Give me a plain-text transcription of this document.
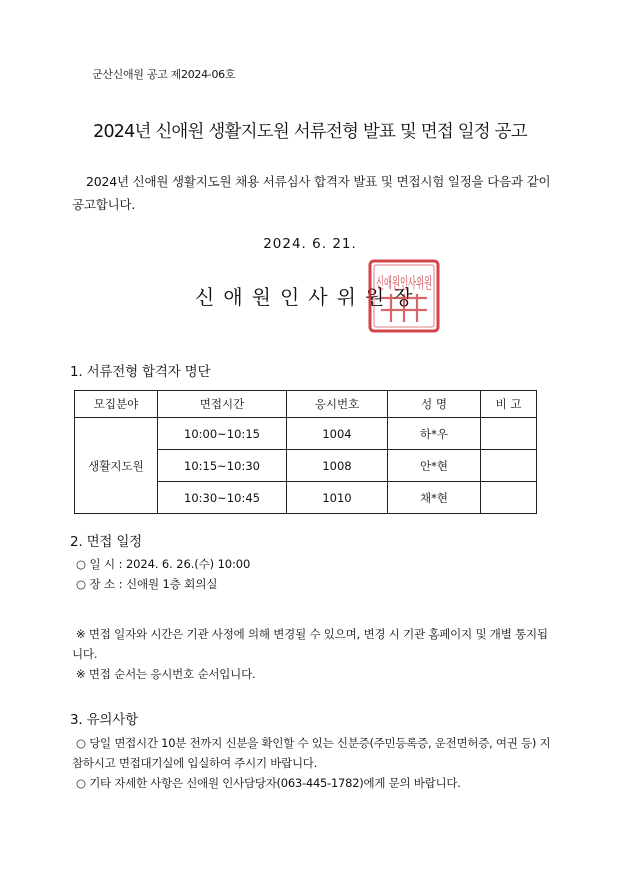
군산신애원 공고 제2024-06호
2024년 신애원 생활지도원 서류전형 발표 및 면접 일정 공고
2024년 신애원 생활지도원 채용 서류심사 합격자 발표 및 면접시험 일정을 다음과 같이 공고합니다.
2024. 6. 21.
신애원인사위원장
신애원인사위원
1. 서류전형 합격자 명단
모집분야	면접시간	응시번호	성 명	비 고
생활지도원	10:00~10:15	1004	하*우	
	10:15~10:30	1008	안*현	
	10:30~10:45	1010	채*현	
2. 면접 일정
○ 일 시 : 2024. 6. 26.(수) 10:00
○ 장 소 : 신애원 1층 회의실
※ 면접 일자와 시간은 기관 사정에 의해 변경될 수 있으며, 변경 시 기관 홈페이지 및 개별 통지됩니다.
※ 면접 순서는 응시번호 순서입니다.
3. 유의사항
○ 당일 면접시간 10분 전까지 신분을 확인할 수 있는 신분증(주민등록증, 운전면허증, 여권 등) 지참하시고 면접대기실에 입실하여 주시기 바랍니다.
○ 기타 자세한 사항은 신애원 인사담당자(063-445-1782)에게 문의 바랍니다.
